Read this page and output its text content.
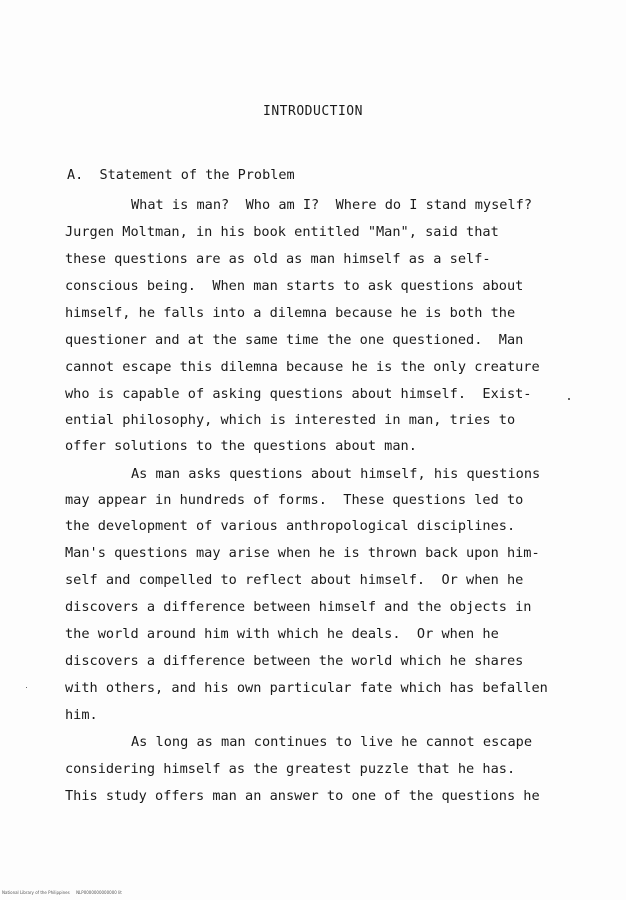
INTRODUCTION
A.  Statement of the Problem
What is man?  Who am I?  Where do I stand myself?
Jurgen Moltman, in his book entitled "Man", said that
these questions are as old as man himself as a self-
conscious being.  When man starts to ask questions about
himself, he falls into a dilemna because he is both the
questioner and at the same time the one questioned.  Man
cannot escape this dilemna because he is the only creature
who is capable of asking questions about himself.  Exist-
ential philosophy, which is interested in man, tries to
offer solutions to the questions about man.
As man asks questions about himself, his questions
may appear in hundreds of forms.  These questions led to
the development of various anthropological disciplines.
Man's questions may arise when he is thrown back upon him-
self and compelled to reflect about himself.  Or when he
discovers a difference between himself and the objects in
the world around him with which he deals.  Or when he
discovers a difference between the world which he shares
with others, and his own particular fate which has befallen
him.
As long as man continues to live he cannot escape
considering himself as the greatest puzzle that he has.
This study offers man an answer to one of the questions he
National Library of the Philippines     NLP0000000000000 lit
